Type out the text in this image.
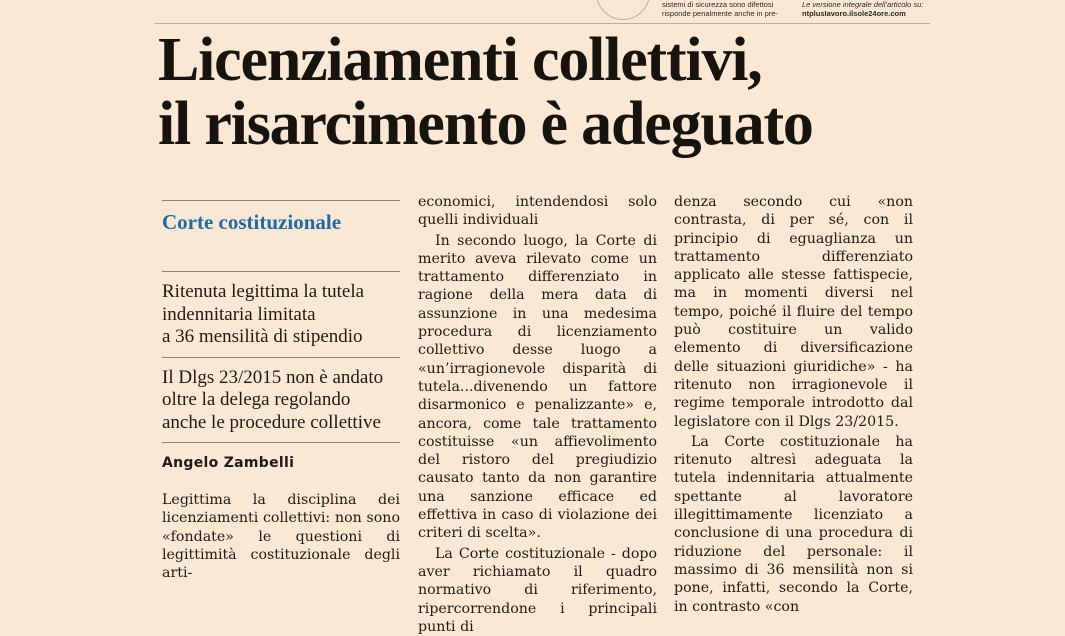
sistemi di sicurezza sono difettosi
risponde penalmente anche in pre-
Le versione integrale dell’articolo su:
ntplusIavoro.ilsole24ore.com
Licenziamenti collettivi,
il risarcimento è adeguato
Corte costituzionale
Ritenuta legittima la tutela
indennitaria limitata
a 36 mensilità di stipendio
Il Dlgs 23/2015 non è andato
oltre la delega regolando
anche le procedure collettive
Angelo Zambelli

Legittima la disciplina dei licenziamenti collettivi: non sono «fondate» le questioni di legittimità costituzionale degli arti-

economici, intendendosi solo quelli individuali

In secondo luogo, la Corte di merito aveva rilevato come un trattamento differenziato in ragione della mera data di assunzione in una medesima procedura di licenziamento collettivo desse luogo a «un’irragionevole disparità di tutela...divenendo un fattore disarmonico e penalizzante» e, ancora, come tale trattamento costituisse «un affievolimento del ristoro del pregiudizio causato tanto da non garantire una sanzione efficace ed effettiva in caso di violazione dei criteri di scelta».

La Corte costituzionale - dopo aver richiamato il quadro normativo di riferimento, ripercorrendone i principali punti di

denza secondo cui «non contrasta, di per sé, con il principio di eguaglianza un trattamento differenziato applicato alle stesse fattispecie, ma in momenti diversi nel tempo, poiché il fluire del tempo può costituire un valido elemento di diversificazione delle situazioni giuridiche» - ha ritenuto non irragionevole il regime temporale introdotto dal legislatore con il Dlgs 23/2015.

La Corte costituzionale ha ritenuto altresì adeguata la tutela indennitaria attualmente spettante al lavoratore illegittimamente licenziato a conclusione di una procedura di riduzione del personale: il massimo di 36 mensilità non si pone, infatti, secondo la Corte, in contrasto «con
